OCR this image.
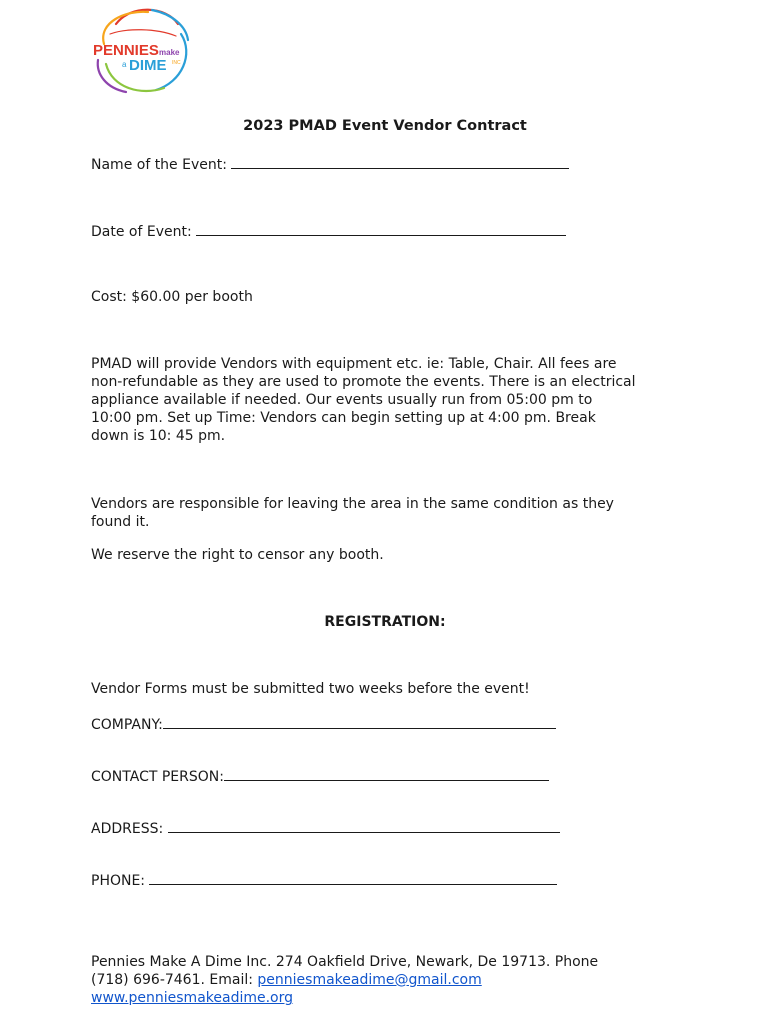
PENNIES make
a DIME INC
2023 PMAD Event Vendor Contract
Name of the Event:
Date of Event:
Cost: $60.00 per booth
PMAD will provide Vendors with equipment etc. ie: Table, Chair. All fees are
non-refundable as they are used to promote the events. There is an electrical
appliance available if needed. Our events usually run from 05:00 pm to
10:00 pm. Set up Time: Vendors can begin setting up at 4:00 pm. Break
down is 10: 45 pm.
Vendors are responsible for leaving the area in the same condition as they
found it.
We reserve the right to censor any booth.
REGISTRATION:
Vendor Forms must be submitted two weeks before the event!
COMPANY:
CONTACT PERSON:
ADDRESS:
PHONE:
Pennies Make A Dime Inc. 274 Oakfield Drive, Newark, De 19713. Phone
(718) 696-7461. Email: penniesmakeadime@gmail.com
www.penniesmakeadime.org
